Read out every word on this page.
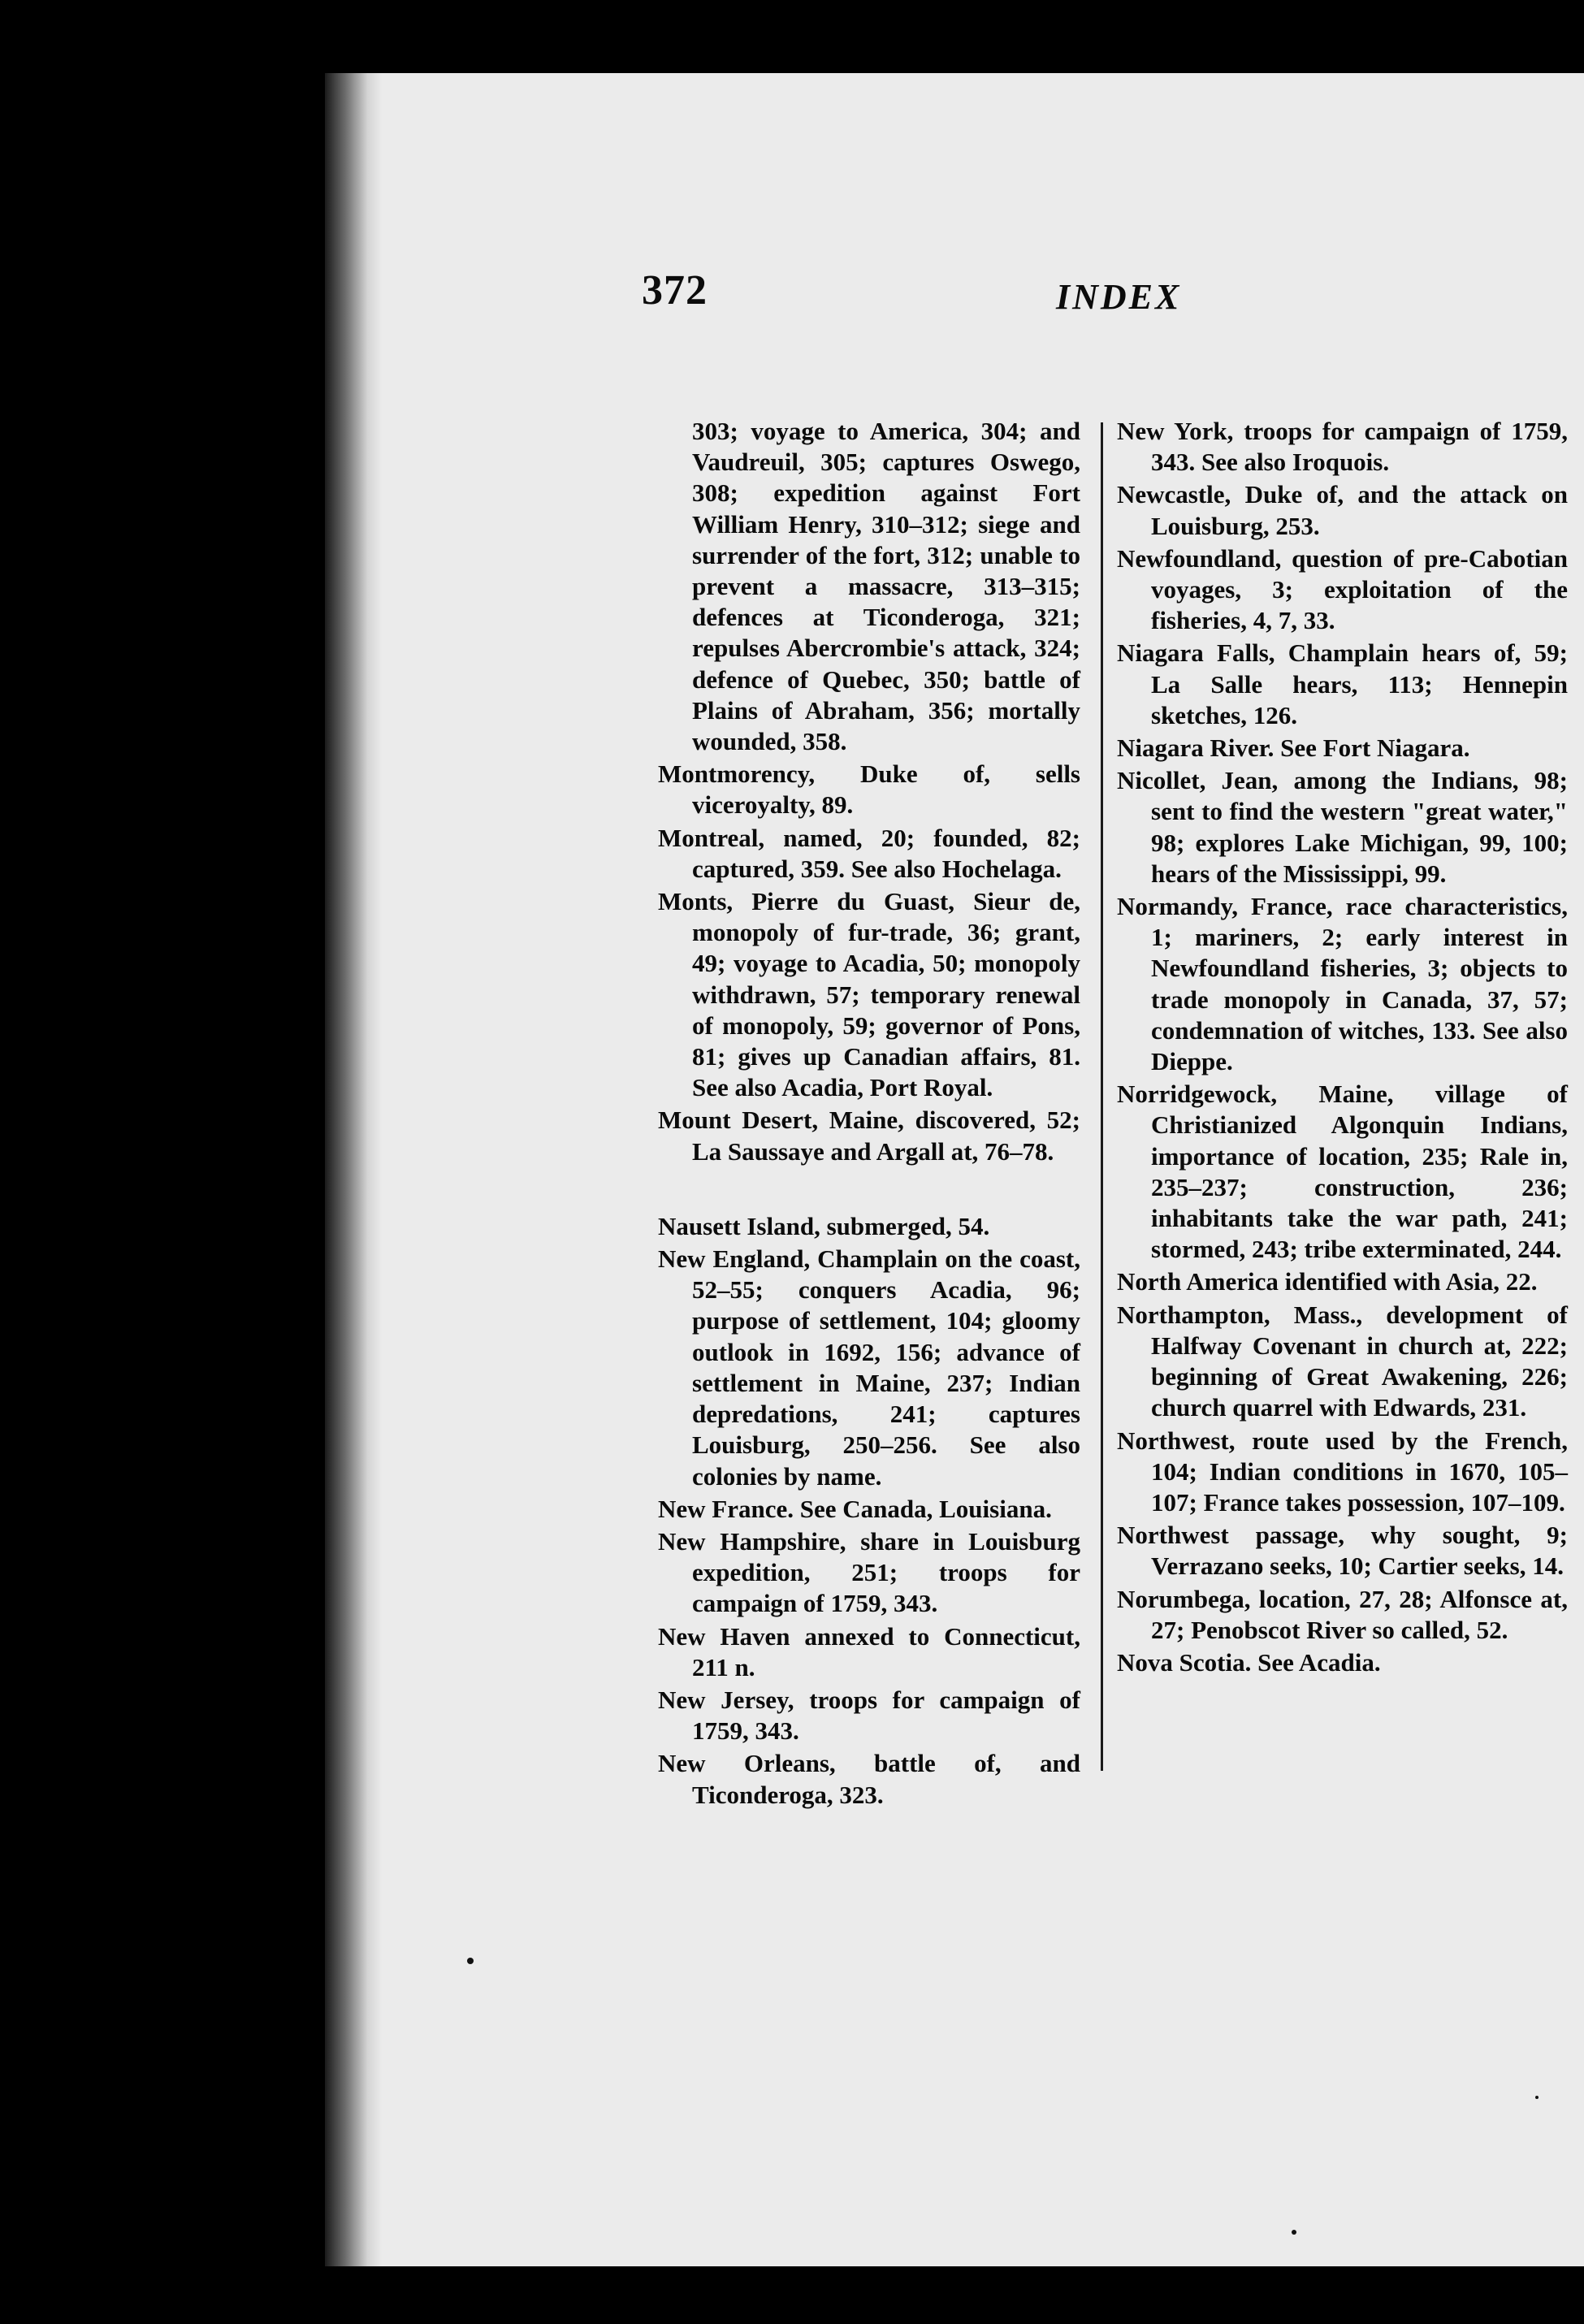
372	INDEX

303; voyage to America, 304; and Vaudreuil, 305; captures Oswego, 308; expedition against Fort William Henry, 310–312; siege and surrender of the fort, 312; unable to prevent a massacre, 313–315; defences at Ticonderoga, 321; repulses Abercrombie's attack, 324; defence of Quebec, 350; battle of Plains of Abraham, 356; mortally wounded, 358.

Montmorency, Duke of, sells viceroyalty, 89.

Montreal, named, 20; founded, 82; captured, 359. See also Hochelaga.

Monts, Pierre du Guast, Sieur de, monopoly of fur-trade, 36; grant, 49; voyage to Acadia, 50; monopoly withdrawn, 57; temporary renewal of monopoly, 59; governor of Pons, 81; gives up Canadian affairs, 81. See also Acadia, Port Royal.

Mount Desert, Maine, discovered, 52; La Saussaye and Argall at, 76–78.

Nausett Island, submerged, 54.

New England, Champlain on the coast, 52–55; conquers Acadia, 96; purpose of settlement, 104; gloomy outlook in 1692, 156; advance of settlement in Maine, 237; Indian depredations, 241; captures Louisburg, 250–256. See also colonies by name.

New France. See Canada, Louisiana.

New Hampshire, share in Louisburg expedition, 251; troops for campaign of 1759, 343.

New Haven annexed to Connecticut, 211 n.

New Jersey, troops for campaign of 1759, 343.

New Orleans, battle of, and Ticonderoga, 323.

New York, troops for campaign of 1759, 343. See also Iroquois.

Newcastle, Duke of, and the attack on Louisburg, 253.

Newfoundland, question of pre-Cabotian voyages, 3; exploitation of the fisheries, 4, 7, 33.

Niagara Falls, Champlain hears of, 59; La Salle hears, 113; Hennepin sketches, 126.

Niagara River. See Fort Niagara.

Nicollet, Jean, among the Indians, 98; sent to find the western "great water," 98; explores Lake Michigan, 99, 100; hears of the Mississippi, 99.

Normandy, France, race characteristics, 1; mariners, 2; early interest in Newfoundland fisheries, 3; objects to trade monopoly in Canada, 37, 57; condemnation of witches, 133. See also Dieppe.

Norridgewock, Maine, village of Christianized Algonquin Indians, importance of location, 235; Rale in, 235–237; construction, 236; inhabitants take the war path, 241; stormed, 243; tribe exterminated, 244.

North America identified with Asia, 22.

Northampton, Mass., development of Halfway Covenant in church at, 222; beginning of Great Awakening, 226; church quarrel with Edwards, 231.

Northwest, route used by the French, 104; Indian conditions in 1670, 105–107; France takes possession, 107–109.

Northwest passage, why sought, 9; Verrazano seeks, 10; Cartier seeks, 14.

Norumbega, location, 27, 28; Alfonsce at, 27; Penobscot River so called, 52.

Nova Scotia. See Acadia.
